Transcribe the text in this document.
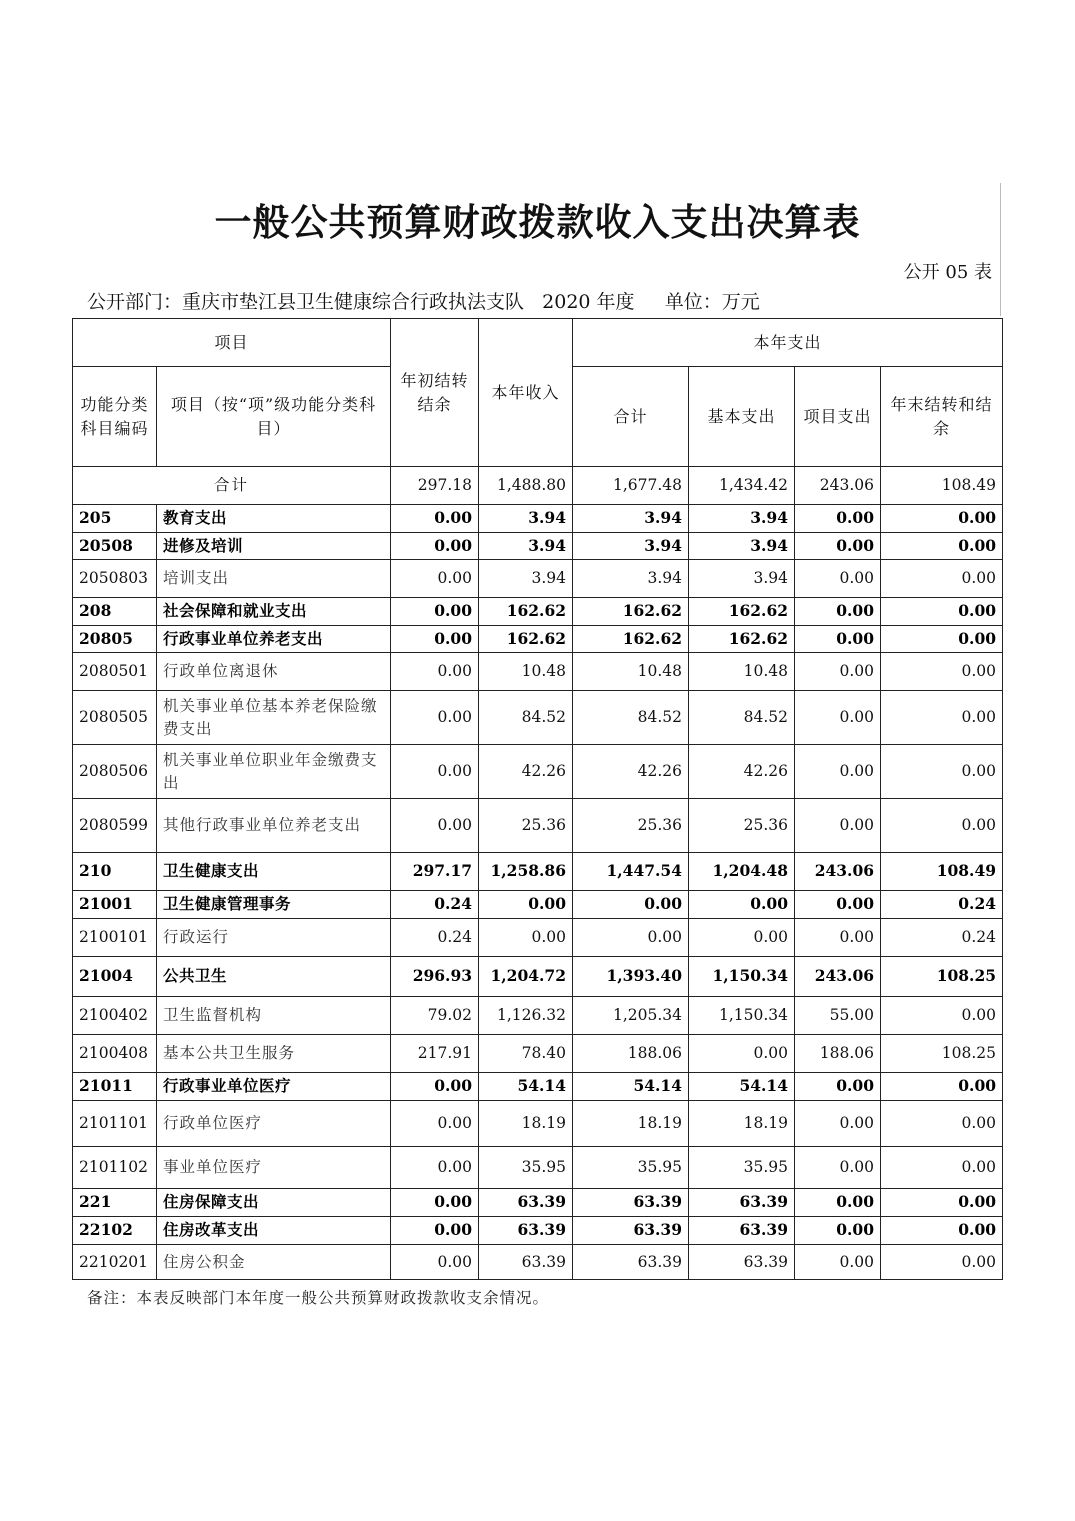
一般公共预算财政拨款收入支出决算表
公开 05 表
公开部门：重庆市垫江县卫生健康综合行政执法支队 2020 年度 单位：万元
项目		年初结转结余	本年收入	本年支出			
功能分类科目编码	项目（按“项”级功能分类科目）			合计	基本支出	项目支出	年末结转和结余
合计		297.18	1,488.80	1,677.48	1,434.42	243.06	108.49
205	教育支出	0.00	3.94	3.94	3.94	0.00	0.00
20508	进修及培训	0.00	3.94	3.94	3.94	0.00	0.00
2050803	培训支出	0.00	3.94	3.94	3.94	0.00	0.00
208	社会保障和就业支出	0.00	162.62	162.62	162.62	0.00	0.00
20805	行政事业单位养老支出	0.00	162.62	162.62	162.62	0.00	0.00
2080501	行政单位离退休	0.00	10.48	10.48	10.48	0.00	0.00
2080505	机关事业单位基本养老保险缴费支出	0.00	84.52	84.52	84.52	0.00	0.00
2080506	机关事业单位职业年金缴费支出	0.00	42.26	42.26	42.26	0.00	0.00
2080599	其他行政事业单位养老支出	0.00	25.36	25.36	25.36	0.00	0.00
210	卫生健康支出	297.17	1,258.86	1,447.54	1,204.48	243.06	108.49
21001	卫生健康管理事务	0.24	0.00	0.00	0.00	0.00	0.24
2100101	行政运行	0.24	0.00	0.00	0.00	0.00	0.24
21004	公共卫生	296.93	1,204.72	1,393.40	1,150.34	243.06	108.25
2100402	卫生监督机构	79.02	1,126.32	1,205.34	1,150.34	55.00	0.00
2100408	基本公共卫生服务	217.91	78.40	188.06	0.00	188.06	108.25
21011	行政事业单位医疗	0.00	54.14	54.14	54.14	0.00	0.00
2101101	行政单位医疗	0.00	18.19	18.19	18.19	0.00	0.00
2101102	事业单位医疗	0.00	35.95	35.95	35.95	0.00	0.00
221	住房保障支出	0.00	63.39	63.39	63.39	0.00	0.00
22102	住房改革支出	0.00	63.39	63.39	63.39	0.00	0.00
2210201	住房公积金	0.00	63.39	63.39	63.39	0.00	0.00
备注：本表反映部门本年度一般公共预算财政拨款收支余情况。
